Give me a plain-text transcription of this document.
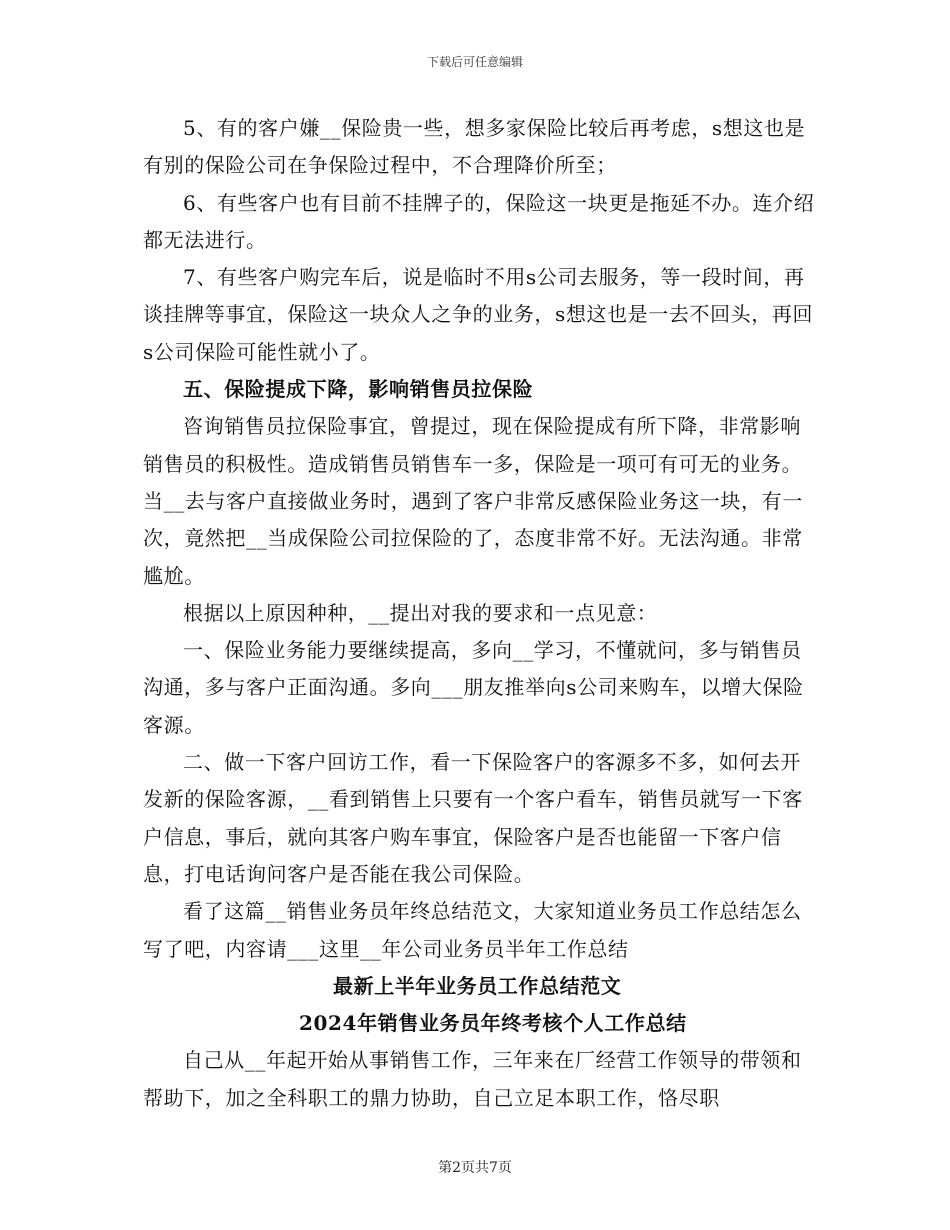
下载后可任意编辑

5、有的客户嫌__保险贵一些，想多家保险比较后再考虑，s想这也是有别的保险公司在争保险过程中，不合理降价所至；

6、有些客户也有目前不挂牌子的，保险这一块更是拖延不办。连介绍都无法进行。

7、有些客户购完车后，说是临时不用s公司去服务，等一段时间，再谈挂牌等事宜，保险这一块众人之争的业务，s想这也是一去不回头，再回s公司保险可能性就小了。

五、保险提成下降，影响销售员拉保险

咨询销售员拉保险事宜，曾提过，现在保险提成有所下降，非常影响销售员的积极性。造成销售员销售车一多，保险是一项可有可无的业务。当__去与客户直接做业务时，遇到了客户非常反感保险业务这一块，有一次，竟然把__当成保险公司拉保险的了，态度非常不好。无法沟通。非常尴尬。

根据以上原因种种，__提出对我的要求和一点见意：

一、保险业务能力要继续提高，多向__学习，不懂就问，多与销售员沟通，多与客户正面沟通。多向___朋友推举向s公司来购车，以增大保险客源。

二、做一下客户回访工作，看一下保险客户的客源多不多，如何去开发新的保险客源，__看到销售上只要有一个客户看车，销售员就写一下客户信息，事后，就向其客户购车事宜，保险客户是否也能留一下客户信息，打电话询问客户是否能在我公司保险。

看了这篇__销售业务员年终总结范文，大家知道业务员工作总结怎么写了吧，内容请___这里__年公司业务员半年工作总结

最新上半年业务员工作总结范文

2024年销售业务员年终考核个人工作总结

自己从__年起开始从事销售工作，三年来在厂经营工作领导的带领和帮助下，加之全科职工的鼎力协助，自己立足本职工作，恪尽职

第2页共7页
